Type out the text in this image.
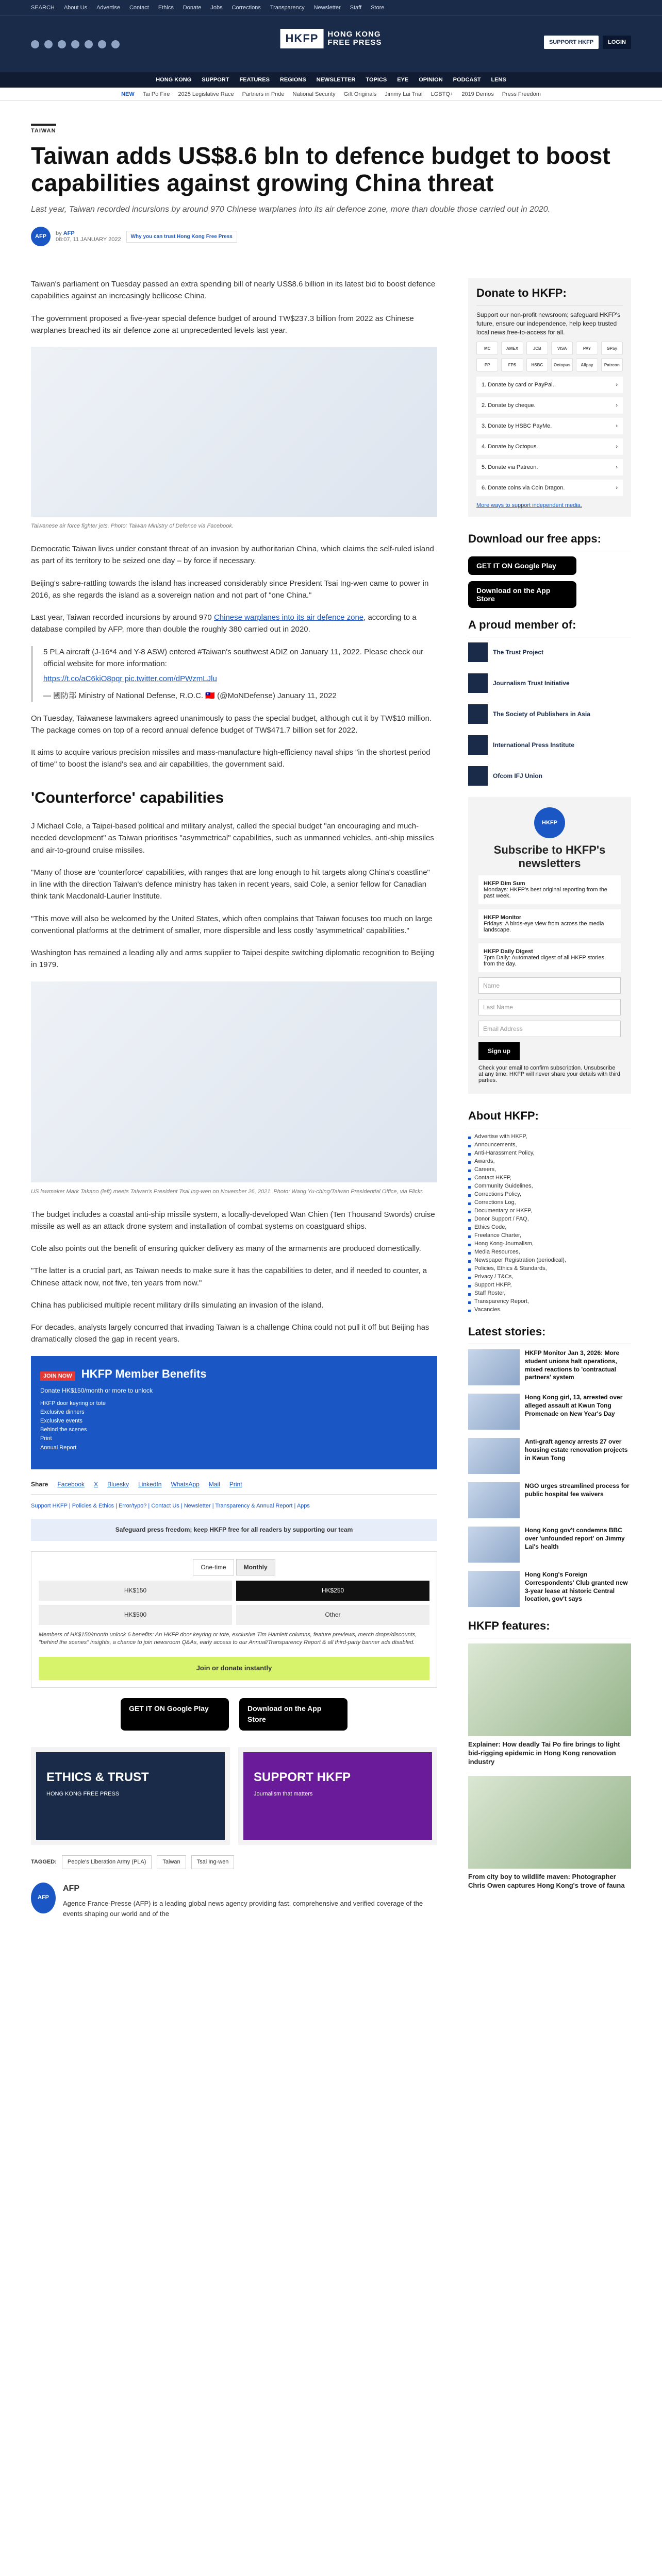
SEARCH About Us Advertise Contact Ethics Donate Jobs Corrections Transparency Newsletter Staff Store
HKFP	HONG KONG
FREE PRESS	SUPPORT HKFP	LOGIN
HONG KONG SUPPORT FEATURES REGIONS NEWSLETTER TOPICS EYE OPINION PODCAST LENS
NEW Tai Po Fire 2025 Legislative Race Partners in Pride National Security Gift Originals Jimmy Lai Trial LGBTQ+ 2019 Demos Press Freedom
TAIWAN
Taiwan adds US$8.6 bln to defence budget to boost capabilities against growing China threat
Last year, Taiwan recorded incursions by around 970 Chinese warplanes into its air defence zone, more than double those carried out in 2020.
AFP	by AFP
08:07, 11 JANUARY 2022	Why you can trust Hong Kong Free Press

Taiwan's parliament on Tuesday passed an extra spending bill of nearly US$8.6 billion in its latest bid to boost defence capabilities against an increasingly bellicose China.

The government proposed a five-year special defence budget of around TW$237.3 billion from 2022 as Chinese warplanes breached its air defence zone at unprecedented levels last year.

Taiwanese air force fighter jets. Photo: Taiwan Ministry of Defence via Facebook.

Democratic Taiwan lives under constant threat of an invasion by authoritarian China, which claims the self-ruled island as part of its territory to be seized one day – by force if necessary.

Beijing's sabre-rattling towards the island has increased considerably since President Tsai Ing-wen came to power in 2016, as she regards the island as a sovereign nation and not part of "one China."

Last year, Taiwan recorded incursions by around 970 Chinese warplanes into its air defence zone, according to a database compiled by AFP, more than double the roughly 380 carried out in 2020.

5 PLA aircraft (J-16*4 and Y-8 ASW) entered #Taiwan's southwest ADIZ on January 11, 2022. Please check our official website for more information:

https://t.co/aC6kiO8pqr pic.twitter.com/dPWzmLJlu

— 國防部 Ministry of National Defense, R.O.C. 🇹🇼 (@MoNDefense) January 11, 2022

On Tuesday, Taiwanese lawmakers agreed unanimously to pass the special budget, although cut it by TW$10 million. The package comes on top of a record annual defence budget of TW$471.7 billion set for 2022.

It aims to acquire various precision missiles and mass-manufacture high-efficiency naval ships "in the shortest period of time" to boost the island's sea and air capabilities, the government said.

'Counterforce' capabilities

J Michael Cole, a Taipei-based political and military analyst, called the special budget "an encouraging and much-needed development" as Taiwan prioritises "asymmetrical" capabilities, such as unmanned vehicles, anti-ship missiles and air-to-ground cruise missiles.

"Many of those are 'counterforce' capabilities, with ranges that are long enough to hit targets along China's coastline" in line with the direction Taiwan's defence ministry has taken in recent years, said Cole, a senior fellow for Canadian think tank Macdonald-Laurier Institute.

"This move will also be welcomed by the United States, which often complains that Taiwan focuses too much on large conventional platforms at the detriment of smaller, more dispersible and less costly 'asymmetrical' capabilities."

Washington has remained a leading ally and arms supplier to Taipei despite switching diplomatic recognition to Beijing in 1979.

US lawmaker Mark Takano (left) meets Taiwan's President Tsai Ing-wen on November 26, 2021. Photo: Wang Yu-ching/Taiwan Presidential Office, via Flickr.

The budget includes a coastal anti-ship missile system, a locally-developed Wan Chien (Ten Thousand Swords) cruise missile as well as an attack drone system and installation of combat systems on coastguard ships.

Cole also points out the benefit of ensuring quicker delivery as many of the armaments are produced domestically.

"The latter is a crucial part, as Taiwan needs to make sure it has the capabilities to deter, and if needed to counter, a Chinese attack now, not five, ten years from now."

China has publicised multiple recent military drills simulating an invasion of the island.

For decades, analysts largely concurred that invading Taiwan is a challenge China could not pull it off but Beijing has dramatically closed the gap in recent years.

JOIN NOW HKFP Member Benefits
Donate HK$150/month or more to unlock
HKFP door keyring or tote
Exclusive dinners
Exclusive events
Behind the scenes
Print
Annual Report
Share Facebook X Bluesky LinkedIn WhatsApp Mail Print
Support HKFP | Policies & Ethics | Error/typo? | Contact Us | Newsletter | Transparency & Annual Report | Apps
Safeguard press freedom; keep HKFP free for all readers by supporting our team
One-time	Monthly
HK$150	HK$250
HK$500	Other

Members of HK$150/month unlock 6 benefits: An HKFP door keyring or tote, exclusive Tim Hamlett columns, feature previews, merch drops/discounts, "behind the scenes" insights, a chance to join newsroom Q&As, early access to our Annual/Transparency Report & all third-party banner ads disabled.

Join or donate instantly
GET IT ON Google Play	Download on the App Store
ETHICS & TRUST
HONG KONG FREE PRESS
SUPPORT HKFP
Journalism that matters
TAGGED:	People's Liberation Army (PLA)	Taiwan	Tsai Ing-wen
AFP
AFP

Agence France-Presse (AFP) is a leading global news agency providing fast, comprehensive and verified coverage of the events shaping our world and of the

Donate to HKFP:

Support our non-profit newsroom; safeguard HKFP's future, ensure our independence, help keep trusted local news free-to-access for all.

MC	AMEX	JCB	VISA	PAY	GPay
PP	FPS	HSBC	Octopus	Alipay	Patreon
1. Donate by card or PayPal.	›
2. Donate by cheque.	›
3. Donate by HSBC PayMe.	›
4. Donate by Octopus.	›
5. Donate via Patreon.	›
6. Donate coins via Coin Dragon.	›
More ways to support independent media.
Download our free apps:
GET IT ON Google Play
Download on the App Store
A proud member of:
The Trust Project
Journalism Trust Initiative
The Society of Publishers in Asia
International Press Institute
Ofcom IFJ Union
HKFP
Subscribe to HKFP's newsletters
HKFP Dim Sum
Mondays: HKFP's best original reporting from the past week.
HKFP Monitor
Fridays: A birds-eye view from across the media landscape.
HKFP Daily Digest
7pm Daily: Automated digest of all HKFP stories from the day.
Name
Last Name
Email Address
Sign up

Check your email to confirm subscription. Unsubscribe at any time. HKFP will never share your details with third parties.

About HKFP:
Advertise with HKFP,
Announcements,
Anti-Harassment Policy,
Awards,
Careers,
Contact HKFP,
Community Guidelines,
Corrections Policy,
Corrections Log,
Documentary or HKFP,
Donor Support / FAQ,
Ethics Code,
Freelance Charter,
Hong Kong-Journalism,
Media Resources,
Newspaper Registration (periodical),
Policies, Ethics & Standards,
Privacy / T&Cs,
Support HKFP,
Staff Roster,
Transparency Report,
Vacancies.
Latest stories:
HKFP Monitor Jan 3, 2026: More student unions halt operations, mixed reactions to 'contractual partners' system
Hong Kong girl, 13, arrested over alleged assault at Kwun Tong Promenade on New Year's Day
Anti-graft agency arrests 27 over housing estate renovation projects in Kwun Tong
NGO urges streamlined process for public hospital fee waivers
Hong Kong gov't condemns BBC over 'unfounded report' on Jimmy Lai's health
Hong Kong's Foreign Correspondents' Club granted new 3-year lease at historic Central location, gov't says
HKFP features:
Explainer: How deadly Tai Po fire brings to light bid-rigging epidemic in Hong Kong renovation industry
From city boy to wildlife maven: Photographer Chris Owen captures Hong Kong's trove of fauna
